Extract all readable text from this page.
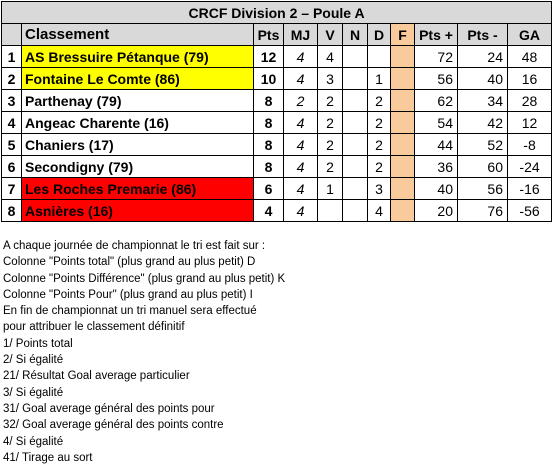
CRCF Division 2 – Poule A										
	Classement	Pts	MJ	V	N	D	F	Pts +	Pts -	GA
1	AS Bressuire Pétanque (79)	12	4	4				72	24	48
2	Fontaine Le Comte (86)	10	4	3		1		56	40	16
3	Parthenay (79)	8	2	2		2		62	34	28
4	Angeac Charente (16)	8	4	2		2		54	42	12
5	Chaniers (17)	8	4	2		2		44	52	-8
6	Secondigny (79)	8	4	2		2		36	60	-24
7	Les Roches Premarie (86)	6	4	1		3		40	56	-16
8	Asnières (16)	4	4			4		20	76	-56
A chaque journée de championnat le tri est fait sur :
Colonne "Points total" (plus grand au plus petit) D
Colonne "Points Différence" (plus grand au plus petit) K
Colonne "Points Pour" (plus grand au plus petit) I
En fin de championnat un tri manuel sera effectué
pour attribuer le classement définitif
1/ Points total
2/ Si égalité
21/ Résultat Goal average particulier
3/ Si égalité
31/ Goal average général des points pour
32/ Goal average général des points contre
4/ Si égalité
41/ Tirage au sort
